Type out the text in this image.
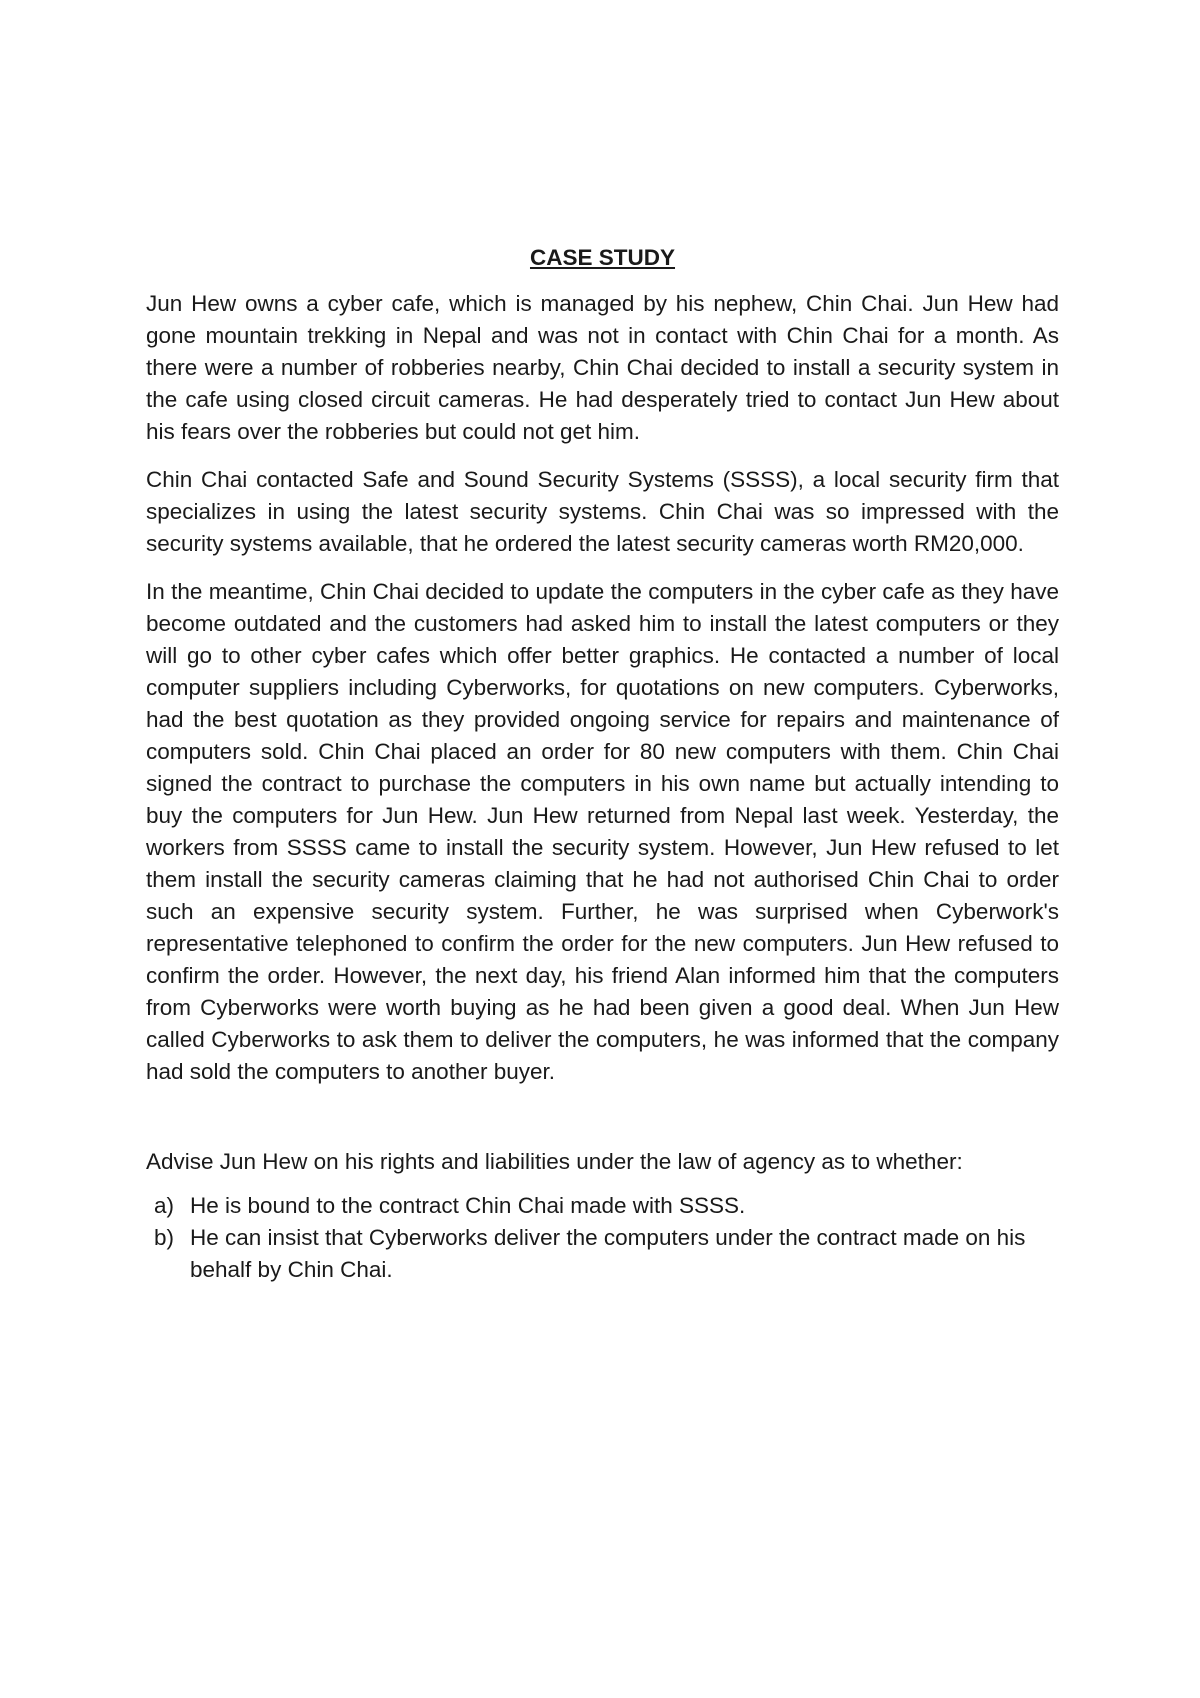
CASE STUDY

Jun Hew owns a cyber cafe, which is managed by his nephew, Chin Chai. Jun Hew had gone mountain trekking in Nepal and was not in contact with Chin Chai for a month. As there were a number of robberies nearby, Chin Chai decided to install a security system in the cafe using closed circuit cameras. He had desperately tried to contact Jun Hew about his fears over the robberies but could not get him.

Chin Chai contacted Safe and Sound Security Systems (SSSS), a local security firm that specializes in using the latest security systems. Chin Chai was so impressed with the security systems available, that he ordered the latest security cameras worth RM20,000.

In the meantime, Chin Chai decided to update the computers in the cyber cafe as they have become outdated and the customers had asked him to install the latest computers or they will go to other cyber cafes which offer better graphics. He contacted a number of local computer suppliers including Cyberworks, for quotations on new computers. Cyberworks, had the best quotation as they provided ongoing service for repairs and maintenance of computers sold. Chin Chai placed an order for 80 new computers with them. Chin Chai signed the contract to purchase the computers in his own name but actually intending to buy the computers for Jun Hew. Jun Hew returned from Nepal last week. Yesterday, the workers from SSSS came to install the security system. However, Jun Hew refused to let them install the security cameras claiming that he had not authorised Chin Chai to order such an expensive security system. Further, he was surprised when Cyberwork's representative telephoned to confirm the order for the new computers. Jun Hew refused to confirm the order. However, the next day, his friend Alan informed him that the computers from Cyberworks were worth buying as he had been given a good deal. When Jun Hew called Cyberworks to ask them to deliver the computers, he was informed that the company had sold the computers to another buyer.

Advise Jun Hew on his rights and liabilities under the law of agency as to whether:

a) He is bound to the contract Chin Chai made with SSSS.
b) He can insist that Cyberworks deliver the computers under the contract made on his behalf by Chin Chai.
